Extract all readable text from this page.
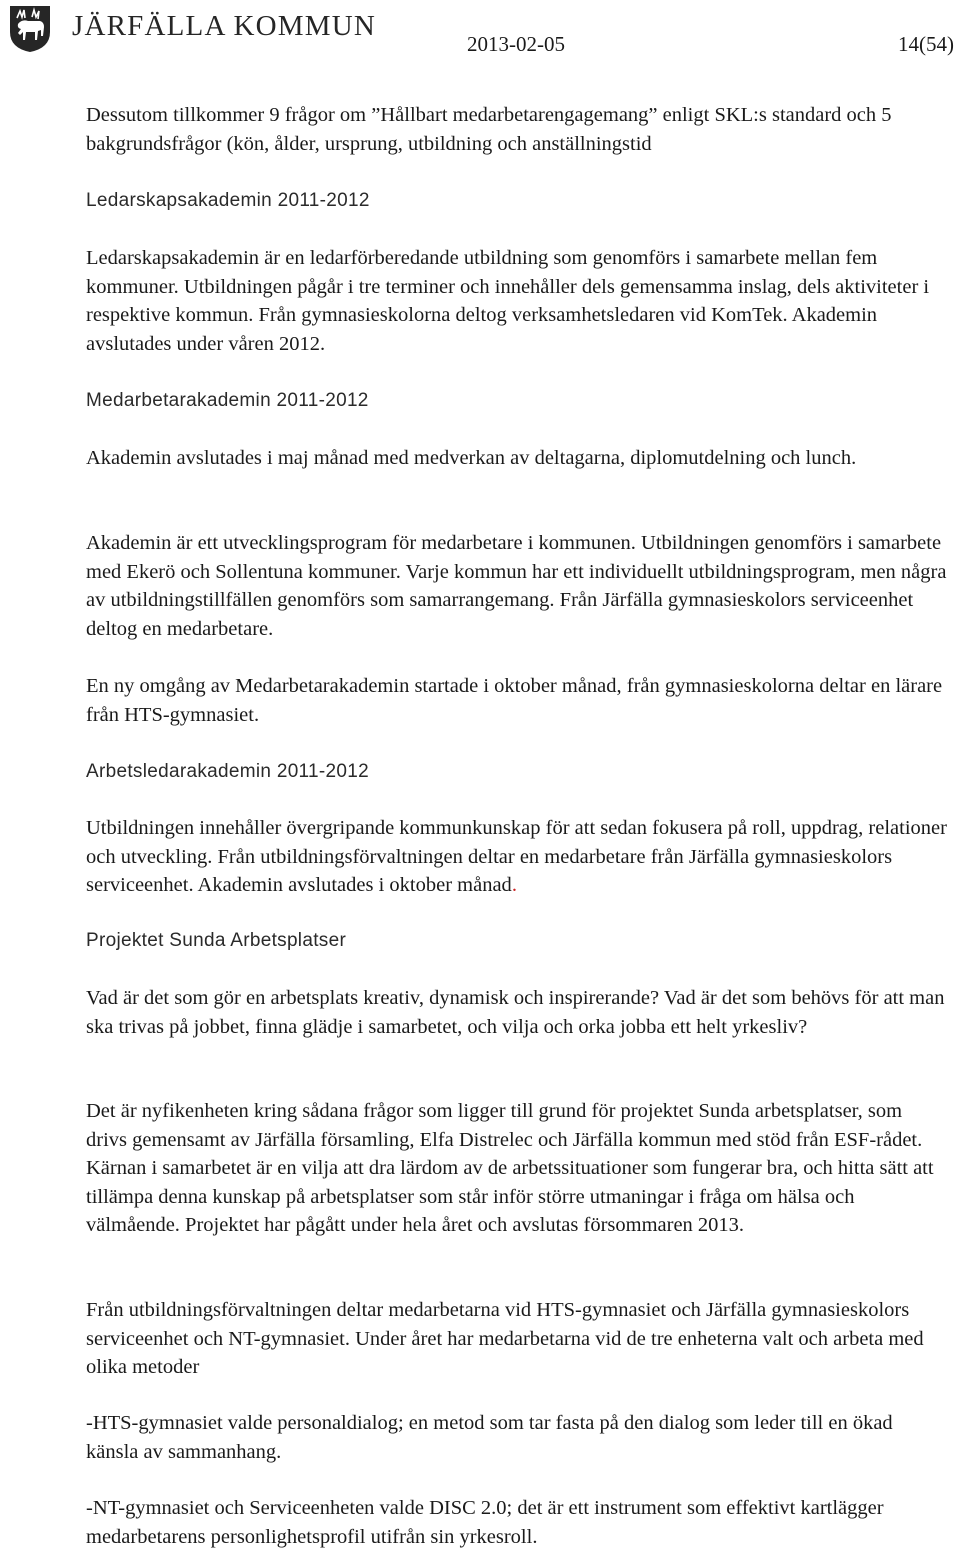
JÄRFÄLLA KOMMUN
2013-02-05	14(54)

Dessutom tillkommer 9 frågor om ”Hållbart medarbetarengagemang” enligt SKL:s standard och 5 bakgrundsfrågor (kön, ålder, ursprung, utbildning och anställningstid

Ledarskapsakademin 2011-2012

Ledarskapsakademin är en ledarförberedande utbildning som genomförs i samarbete mellan fem kommuner. Utbildningen pågår i tre terminer och innehåller dels gemensamma inslag, dels aktiviteter i respektive kommun. Från gymnasieskolorna deltog verksamhetsledaren vid KomTek. Akademin avslutades under våren 2012.

Medarbetarakademin 2011-2012

Akademin avslutades i maj månad med medverkan av deltagarna, diplomutdelning och lunch.

Akademin är ett utvecklingsprogram för medarbetare i kommunen. Utbildningen genomförs i samarbete med Ekerö och Sollentuna kommuner. Varje kommun har ett individuellt utbildningsprogram, men några av utbildningstillfällen genomförs som samarrangemang. Från Järfälla gymnasieskolors serviceenhet deltog en medarbetare.

En ny omgång av Medarbetarakademin startade i oktober månad, från gymnasieskolorna deltar en lärare från HTS-gymnasiet.

Arbetsledarakademin 2011-2012

Utbildningen innehåller övergripande kommunkunskap för att sedan fokusera på roll, uppdrag, relationer och utveckling. Från utbildningsförvaltningen deltar en medarbetare från Järfälla gymnasieskolors serviceenhet. Akademin avslutades i oktober månad.

Projektet Sunda Arbetsplatser

Vad är det som gör en arbetsplats kreativ, dynamisk och inspirerande? Vad är det som behövs för att man ska trivas på jobbet, finna glädje i samarbetet, och vilja och orka jobba ett helt yrkesliv?

Det är nyfikenheten kring sådana frågor som ligger till grund för projektet Sunda arbetsplatser, som drivs gemensamt av Järfälla församling, Elfa Distrelec och Järfälla kommun med stöd från ESF-rådet. Kärnan i samarbetet är en vilja att dra lärdom av de arbetssituationer som fungerar bra, och hitta sätt att tillämpa denna kunskap på arbetsplatser som står inför större utmaningar i fråga om hälsa och välmående. Projektet har pågått under hela året och avslutas försommaren 2013.

Från utbildningsförvaltningen deltar medarbetarna vid HTS-gymnasiet och Järfälla gymnasieskolors serviceenhet och NT-gymnasiet. Under året har medarbetarna vid de tre enheterna valt och arbeta med olika metoder

-HTS-gymnasiet valde personaldialog; en metod som tar fasta på den dialog som leder till en ökad känsla av sammanhang.

-NT-gymnasiet och Serviceenheten valde DISC 2.0; det är ett instrument som effektivt kartlägger medarbetarens personlighetsprofil utifrån sin yrkesroll.
